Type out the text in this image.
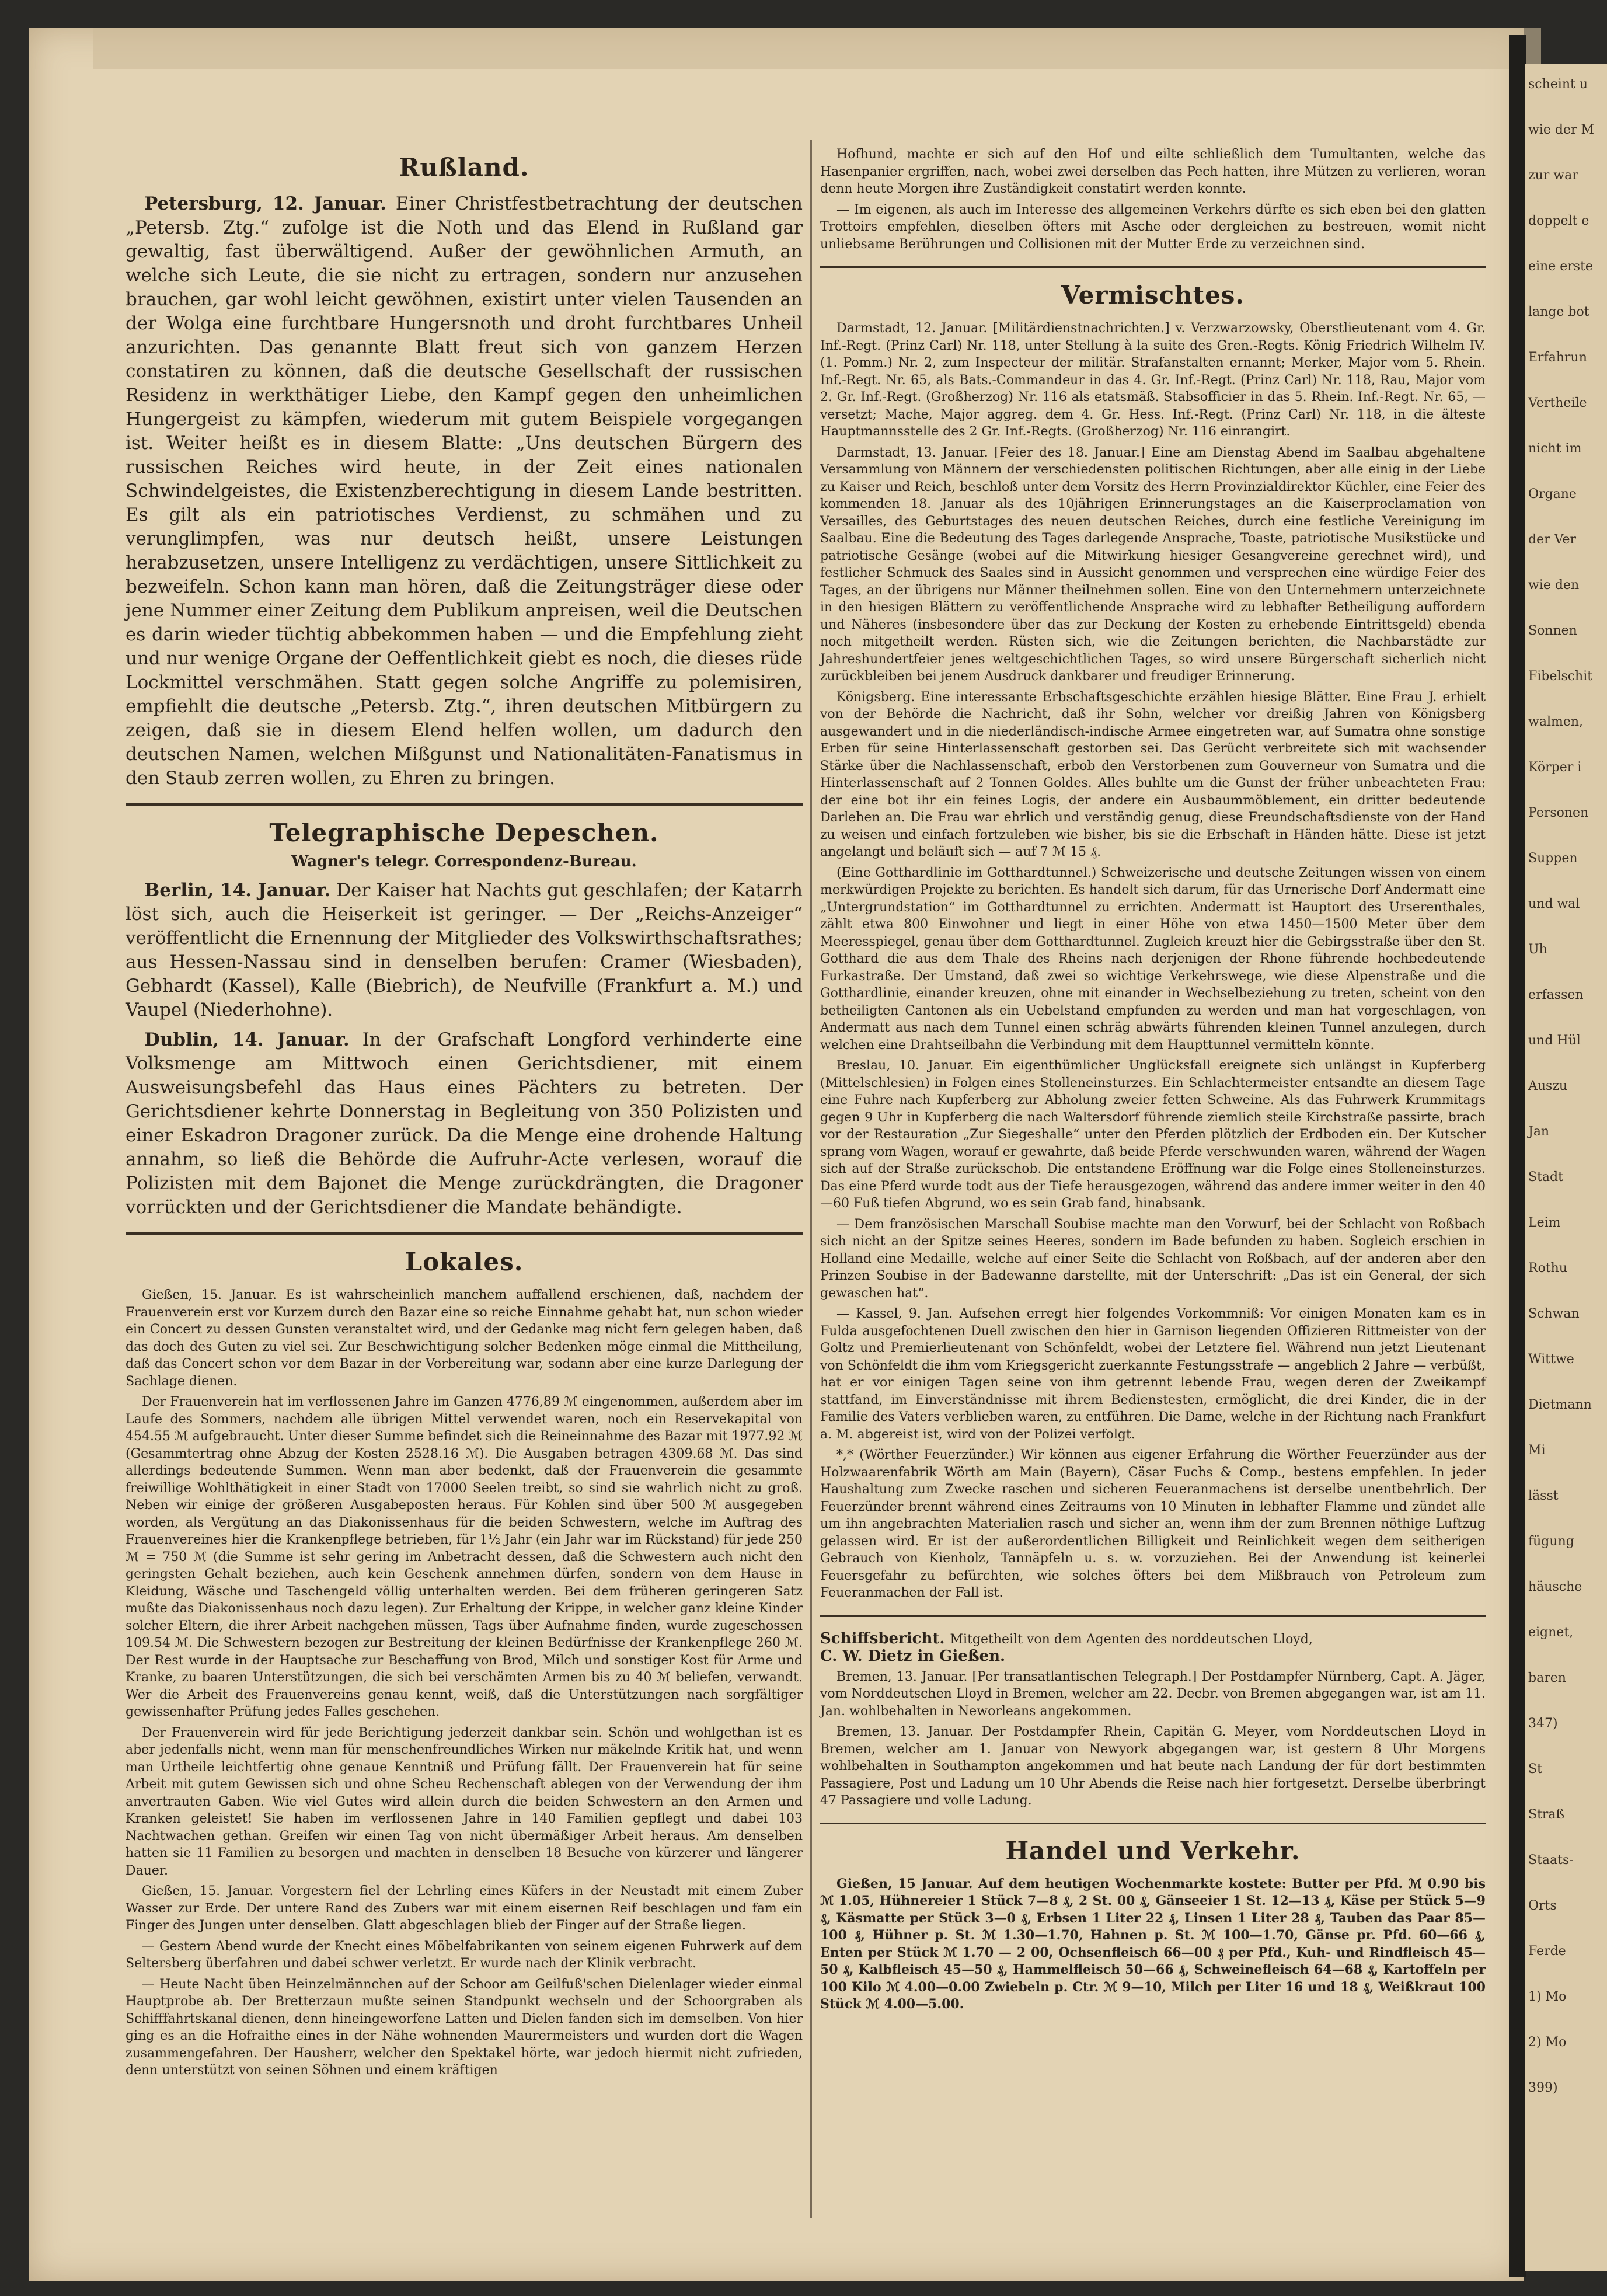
scheint u
wie der M
zur war
doppelt e
eine erste
lange bot
Erfahrun
Vertheile
nicht im
Organe
der Ver
wie den
Sonnen
Fibelschit
walmen,
Körper i
Personen
Suppen
und wal
Uh
erfassen
und Hül
Auszu
Jan
Stadt
Leim
Rothu
Schwan
Wittwe
Dietmann
Mi
lässt
fügung
häusche
eignet,
baren
347)
St
Straß
Staats-
Orts
Ferde
1) Mo
2) Mo
399)
Rußland.

Petersburg, 12. Januar. Einer Christfestbetrachtung der deutschen „Petersb. Ztg.“ zufolge ist die Noth und das Elend in Rußland gar gewaltig, fast überwältigend. Außer der gewöhnlichen Armuth, an welche sich Leute, die sie nicht zu ertragen, sondern nur anzusehen brauchen, gar wohl leicht gewöhnen, existirt unter vielen Tausenden an der Wolga eine furchtbare Hungersnoth und droht furchtbares Unheil anzurichten. Das genannte Blatt freut sich von ganzem Herzen constatiren zu können, daß die deutsche Gesellschaft der russischen Residenz in werkthätiger Liebe, den Kampf gegen den unheimlichen Hungergeist zu kämpfen, wiederum mit gutem Beispiele vorgegangen ist. Weiter heißt es in diesem Blatte: „Uns deutschen Bürgern des russischen Reiches wird heute, in der Zeit eines nationalen Schwindelgeistes, die Existenzberechtigung in diesem Lande bestritten. Es gilt als ein patriotisches Verdienst, zu schmähen und zu verunglimpfen, was nur deutsch heißt, unsere Leistungen herabzusetzen, unsere Intelligenz zu verdächtigen, unsere Sittlichkeit zu bezweifeln. Schon kann man hören, daß die Zeitungsträger diese oder jene Nummer einer Zeitung dem Publikum anpreisen, weil die Deutschen es darin wieder tüchtig abbekommen haben — und die Empfehlung zieht und nur wenige Organe der Oeffentlichkeit giebt es noch, die dieses rüde Lockmittel verschmähen. Statt gegen solche Angriffe zu polemisiren, empfiehlt die deutsche „Petersb. Ztg.“, ihren deutschen Mitbürgern zu zeigen, daß sie in diesem Elend helfen wollen, um dadurch den deutschen Namen, welchen Mißgunst und Nationalitäten-Fanatismus in den Staub zerren wollen, zu Ehren zu bringen.

Telegraphische Depeschen.
Wagner's telegr. Correspondenz-Bureau.

Berlin, 14. Januar. Der Kaiser hat Nachts gut geschlafen; der Katarrh löst sich, auch die Heiserkeit ist geringer. — Der „Reichs-Anzeiger“ veröffentlicht die Ernennung der Mitglieder des Volkswirthschaftsrathes; aus Hessen-Nassau sind in denselben berufen: Cramer (Wiesbaden), Gebhardt (Kassel), Kalle (Biebrich), de Neufville (Frankfurt a. M.) und Vaupel (Niederhohne).

Dublin, 14. Januar. In der Grafschaft Longford verhinderte eine Volksmenge am Mittwoch einen Gerichtsdiener, mit einem Ausweisungsbefehl das Haus eines Pächters zu betreten. Der Gerichtsdiener kehrte Donnerstag in Begleitung von 350 Polizisten und einer Eskadron Dragoner zurück. Da die Menge eine drohende Haltung annahm, so ließ die Behörde die Aufruhr-Acte verlesen, worauf die Polizisten mit dem Bajonet die Menge zurückdrängten, die Dragoner vorrückten und der Gerichtsdiener die Mandate behändigte.

Lokales.

Gießen, 15. Januar. Es ist wahrscheinlich manchem auffallend erschienen, daß, nachdem der Frauenverein erst vor Kurzem durch den Bazar eine so reiche Einnahme gehabt hat, nun schon wieder ein Concert zu dessen Gunsten veranstaltet wird, und der Gedanke mag nicht fern gelegen haben, daß das doch des Guten zu viel sei. Zur Beschwichtigung solcher Bedenken möge einmal die Mittheilung, daß das Concert schon vor dem Bazar in der Vorbereitung war, sodann aber eine kurze Darlegung der Sachlage dienen.

Der Frauenverein hat im verflossenen Jahre im Ganzen 4776,89 ℳ eingenommen, außerdem aber im Laufe des Sommers, nachdem alle übrigen Mittel verwendet waren, noch ein Reservekapital von 454.55 ℳ aufgebraucht. Unter dieser Summe befindet sich die Reineinnahme des Bazar mit 1977.92 ℳ (Gesammtertrag ohne Abzug der Kosten 2528.16 ℳ). Die Ausgaben betragen 4309.68 ℳ. Das sind allerdings bedeutende Summen. Wenn man aber bedenkt, daß der Frauenverein die gesammte freiwillige Wohlthätigkeit in einer Stadt von 17000 Seelen treibt, so sind sie wahrlich nicht zu groß. Neben wir einige der größeren Ausgabeposten heraus. Für Kohlen sind über 500 ℳ ausgegeben worden, als Vergütung an das Diakonissenhaus für die beiden Schwestern, welche im Auftrag des Frauenvereines hier die Krankenpflege betrieben, für 1½ Jahr (ein Jahr war im Rückstand) für jede 250 ℳ = 750 ℳ (die Summe ist sehr gering im Anbetracht dessen, daß die Schwestern auch nicht den geringsten Gehalt beziehen, auch kein Geschenk annehmen dürfen, sondern von dem Hause in Kleidung, Wäsche und Taschengeld völlig unterhalten werden. Bei dem früheren geringeren Satz mußte das Diakonissenhaus noch dazu legen). Zur Erhaltung der Krippe, in welcher ganz kleine Kinder solcher Eltern, die ihrer Arbeit nachgehen müssen, Tags über Aufnahme finden, wurde zugeschossen 109.54 ℳ. Die Schwestern bezogen zur Bestreitung der kleinen Bedürfnisse der Krankenpflege 260 ℳ. Der Rest wurde in der Hauptsache zur Beschaffung von Brod, Milch und sonstiger Kost für Arme und Kranke, zu baaren Unterstützungen, die sich bei verschämten Armen bis zu 40 ℳ beliefen, verwandt. Wer die Arbeit des Frauenvereins genau kennt, weiß, daß die Unterstützungen nach sorgfältiger gewissenhafter Prüfung jedes Falles geschehen.

Der Frauenverein wird für jede Berichtigung jederzeit dankbar sein. Schön und wohlgethan ist es aber jedenfalls nicht, wenn man für menschenfreundliches Wirken nur mäkelnde Kritik hat, und wenn man Urtheile leichtfertig ohne genaue Kenntniß und Prüfung fällt. Der Frauenverein hat für seine Arbeit mit gutem Gewissen sich und ohne Scheu Rechenschaft ablegen von der Verwendung der ihm anvertrauten Gaben. Wie viel Gutes wird allein durch die beiden Schwestern an den Armen und Kranken geleistet! Sie haben im verflossenen Jahre in 140 Familien gepflegt und dabei 103 Nachtwachen gethan. Greifen wir einen Tag von nicht übermäßiger Arbeit heraus. Am denselben hatten sie 11 Familien zu besorgen und machten in denselben 18 Besuche von kürzerer und längerer Dauer.

Gießen, 15. Januar. Vorgestern fiel der Lehrling eines Küfers in der Neustadt mit einem Zuber Wasser zur Erde. Der untere Rand des Zubers war mit einem eisernen Reif beschlagen und fam ein Finger des Jungen unter denselben. Glatt abgeschlagen blieb der Finger auf der Straße liegen.

— Gestern Abend wurde der Knecht eines Möbelfabrikanten von seinem eigenen Fuhrwerk auf dem Seltersberg überfahren und dabei schwer verletzt. Er wurde nach der Klinik verbracht.

— Heute Nacht üben Heinzelmännchen auf der Schoor am Geilfuß'schen Dielenlager wieder einmal Hauptprobe ab. Der Bretterzaun mußte seinen Standpunkt wechseln und der Schoorgraben als Schifffahrtskanal dienen, denn hineingeworfene Latten und Dielen fanden sich im demselben. Von hier ging es an die Hofraithe eines in der Nähe wohnenden Maurermeisters und wurden dort die Wagen zusammengefahren. Der Hausherr, welcher den Spektakel hörte, war jedoch hiermit nicht zufrieden, denn unterstützt von seinen Söhnen und einem kräftigen

Hofhund, machte er sich auf den Hof und eilte schließlich dem Tumultanten, welche das Hasenpanier ergriffen, nach, wobei zwei derselben das Pech hatten, ihre Mützen zu verlieren, woran denn heute Morgen ihre Zuständigkeit constatirt werden konnte.

— Im eigenen, als auch im Interesse des allgemeinen Verkehrs dürfte es sich eben bei den glatten Trottoirs empfehlen, dieselben öfters mit Asche oder dergleichen zu bestreuen, womit nicht unliebsame Berührungen und Collisionen mit der Mutter Erde zu verzeichnen sind.

Vermischtes.

Darmstadt, 12. Januar. [Militärdienstnachrichten.] v. Verzwarzowsky, Oberstlieutenant vom 4. Gr. Inf.-Regt. (Prinz Carl) Nr. 118, unter Stellung à la suite des Gren.-Regts. König Friedrich Wilhelm IV. (1. Pomm.) Nr. 2, zum Inspecteur der militär. Strafanstalten ernannt; Merker, Major vom 5. Rhein. Inf.-Regt. Nr. 65, als Bats.-Commandeur in das 4. Gr. Inf.-Regt. (Prinz Carl) Nr. 118, Rau, Major vom 2. Gr. Inf.-Regt. (Großherzog) Nr. 116 als etatsmäß. Stabsofficier in das 5. Rhein. Inf.-Regt. Nr. 65, — versetzt; Mache, Major aggreg. dem 4. Gr. Hess. Inf.-Regt. (Prinz Carl) Nr. 118, in die älteste Hauptmannsstelle des 2 Gr. Inf.-Regts. (Großherzog) Nr. 116 einrangirt.

Darmstadt, 13. Januar. [Feier des 18. Januar.] Eine am Dienstag Abend im Saalbau abgehaltene Versammlung von Männern der verschiedensten politischen Richtungen, aber alle einig in der Liebe zu Kaiser und Reich, beschloß unter dem Vorsitz des Herrn Provinzialdirektor Küchler, eine Feier des kommenden 18. Januar als des 10jährigen Erinnerungstages an die Kaiserproclamation von Versailles, des Geburtstages des neuen deutschen Reiches, durch eine festliche Vereinigung im Saalbau. Eine die Bedeutung des Tages darlegende Ansprache, Toaste, patriotische Musikstücke und patriotische Gesänge (wobei auf die Mitwirkung hiesiger Gesangvereine gerechnet wird), und festlicher Schmuck des Saales sind in Aussicht genommen und versprechen eine würdige Feier des Tages, an der übrigens nur Männer theilnehmen sollen. Eine von den Unternehmern unterzeichnete in den hiesigen Blättern zu veröffentlichende Ansprache wird zu lebhafter Betheiligung auffordern und Näheres (insbesondere über das zur Deckung der Kosten zu erhebende Eintrittsgeld) ebenda noch mitgetheilt werden. Rüsten sich, wie die Zeitungen berichten, die Nachbarstädte zur Jahreshundertfeier jenes weltgeschichtlichen Tages, so wird unsere Bürgerschaft sicherlich nicht zurückbleiben bei jenem Ausdruck dankbarer und freudiger Erinnerung.

Königsberg. Eine interessante Erbschaftsgeschichte erzählen hiesige Blätter. Eine Frau J. erhielt von der Behörde die Nachricht, daß ihr Sohn, welcher vor dreißig Jahren von Königsberg ausgewandert und in die niederländisch-indische Armee eingetreten war, auf Sumatra ohne sonstige Erben für seine Hinterlassenschaft gestorben sei. Das Gerücht verbreitete sich mit wachsender Stärke über die Nachlassenschaft, erbob den Verstorbenen zum Gouverneur von Sumatra und die Hinterlassenschaft auf 2 Tonnen Goldes. Alles buhlte um die Gunst der früher unbeachteten Frau: der eine bot ihr ein feines Logis, der andere ein Ausbaummöblement, ein dritter bedeutende Darlehen an. Die Frau war ehrlich und verständig genug, diese Freundschaftsdienste von der Hand zu weisen und einfach fortzuleben wie bisher, bis sie die Erbschaft in Händen hätte. Diese ist jetzt angelangt und beläuft sich — auf 7 ℳ 15 ₰.

(Eine Gotthardlinie im Gotthardtunnel.) Schweizerische und deutsche Zeitungen wissen von einem merkwürdigen Projekte zu berichten. Es handelt sich darum, für das Urnerische Dorf Andermatt eine „Untergrundstation“ im Gotthardtunnel zu errichten. Andermatt ist Hauptort des Urserenthales, zählt etwa 800 Einwohner und liegt in einer Höhe von etwa 1450—1500 Meter über dem Meeresspiegel, genau über dem Gotthardtunnel. Zugleich kreuzt hier die Gebirgsstraße über den St. Gotthard die aus dem Thale des Rheins nach derjenigen der Rhone führende hochbedeutende Furkastraße. Der Umstand, daß zwei so wichtige Verkehrswege, wie diese Alpenstraße und die Gotthardlinie, einander kreuzen, ohne mit einander in Wechselbeziehung zu treten, scheint von den betheiligten Cantonen als ein Uebelstand empfunden zu werden und man hat vorgeschlagen, von Andermatt aus nach dem Tunnel einen schräg abwärts führenden kleinen Tunnel anzulegen, durch welchen eine Drahtseilbahn die Verbindung mit dem Haupttunnel vermitteln könnte.

Breslau, 10. Januar. Ein eigenthümlicher Unglücksfall ereignete sich unlängst in Kupferberg (Mittelschlesien) in Folgen eines Stolleneinsturzes. Ein Schlachtermeister entsandte an diesem Tage eine Fuhre nach Kupferberg zur Abholung zweier fetten Schweine. Als das Fuhrwerk Krummitags gegen 9 Uhr in Kupferberg die nach Waltersdorf führende ziemlich steile Kirchstraße passirte, brach vor der Restauration „Zur Siegeshalle“ unter den Pferden plötzlich der Erdboden ein. Der Kutscher sprang vom Wagen, worauf er gewahrte, daß beide Pferde verschwunden waren, während der Wagen sich auf der Straße zurückschob. Die entstandene Eröffnung war die Folge eines Stolleneinsturzes. Das eine Pferd wurde todt aus der Tiefe herausgezogen, während das andere immer weiter in den 40—60 Fuß tiefen Abgrund, wo es sein Grab fand, hinabsank.

— Dem französischen Marschall Soubise machte man den Vorwurf, bei der Schlacht von Roßbach sich nicht an der Spitze seines Heeres, sondern im Bade befunden zu haben. Sogleich erschien in Holland eine Medaille, welche auf einer Seite die Schlacht von Roßbach, auf der anderen aber den Prinzen Soubise in der Badewanne darstellte, mit der Unterschrift: „Das ist ein General, der sich gewaschen hat“.

— Kassel, 9. Jan. Aufsehen erregt hier folgendes Vorkommniß: Vor einigen Monaten kam es in Fulda ausgefochtenen Duell zwischen den hier in Garnison liegenden Offizieren Rittmeister von der Goltz und Premierlieutenant von Schönfeldt, wobei der Letztere fiel. Während nun jetzt Lieutenant von Schönfeldt die ihm vom Kriegsgericht zuerkannte Festungsstrafe — angeblich 2 Jahre — verbüßt, hat er vor einigen Tagen seine von ihm getrennt lebende Frau, wegen deren der Zweikampf stattfand, im Einverständnisse mit ihrem Bedienstesten, ermöglicht, die drei Kinder, die in der Familie des Vaters verblieben waren, zu entführen. Die Dame, welche in der Richtung nach Frankfurt a. M. abgereist ist, wird von der Polizei verfolgt.

*,* (Wörther Feuerzünder.) Wir können aus eigener Erfahrung die Wörther Feuerzünder aus der Holzwaarenfabrik Wörth am Main (Bayern), Cäsar Fuchs & Comp., bestens empfehlen. In jeder Haushaltung zum Zwecke raschen und sicheren Feueranmachens ist derselbe unentbehrlich. Der Feuerzünder brennt während eines Zeitraums von 10 Minuten in lebhafter Flamme und zündet alle um ihn angebrachten Materialien rasch und sicher an, wenn ihm der zum Brennen nöthige Luftzug gelassen wird. Er ist der außerordentlichen Billigkeit und Reinlichkeit wegen dem seitherigen Gebrauch von Kienholz, Tannäpfeln u. s. w. vorzuziehen. Bei der Anwendung ist keinerlei Feuersgefahr zu befürchten, wie solches öfters bei dem Mißbrauch von Petroleum zum Feueranmachen der Fall ist.

Schiffsbericht. Mitgetheilt von dem Agenten des norddeutschen Lloyd,
C. W. Dietz in Gießen.

Bremen, 13. Januar. [Per transatlantischen Telegraph.] Der Postdampfer Nürnberg, Capt. A. Jäger, vom Norddeutschen Lloyd in Bremen, welcher am 22. Decbr. von Bremen abgegangen war, ist am 11. Jan. wohlbehalten in Neworleans angekommen.

Bremen, 13. Januar. Der Postdampfer Rhein, Capitän G. Meyer, vom Norddeutschen Lloyd in Bremen, welcher am 1. Januar von Newyork abgegangen war, ist gestern 8 Uhr Morgens wohlbehalten in Southampton angekommen und hat beute nach Landung der für dort bestimmten Passagiere, Post und Ladung um 10 Uhr Abends die Reise nach hier fortgesetzt. Derselbe überbringt 47 Passagiere und volle Ladung.

Handel und Verkehr.

Gießen, 15 Januar. Auf dem heutigen Wochenmarkte kostete: Butter per Pfd. ℳ 0.90 bis ℳ 1.05, Hühnereier 1 Stück 7—8 ₰, 2 St. 00 ₰, Gänseeier 1 St. 12—13 ₰, Käse per Stück 5—9 ₰, Käsmatte per Stück 3—0 ₰, Erbsen 1 Liter 22 ₰, Linsen 1 Liter 28 ₰, Tauben das Paar 85—100 ₰, Hühner p. St. ℳ 1.30—1.70, Hahnen p. St. ℳ 100—1.70, Gänse pr. Pfd. 60—66 ₰, Enten per Stück ℳ 1.70 — 2 00, Ochsenfleisch 66—00 ₰ per Pfd., Kuh- und Rindfleisch 45—50 ₰, Kalbfleisch 45—50 ₰, Hammelfleisch 50—66 ₰, Schweinefleisch 64—68 ₰, Kartoffeln per 100 Kilo ℳ 4.00—0.00 Zwiebeln p. Ctr. ℳ 9—10, Milch per Liter 16 und 18 ₰, Weißkraut 100 Stück ℳ 4.00—5.00.
